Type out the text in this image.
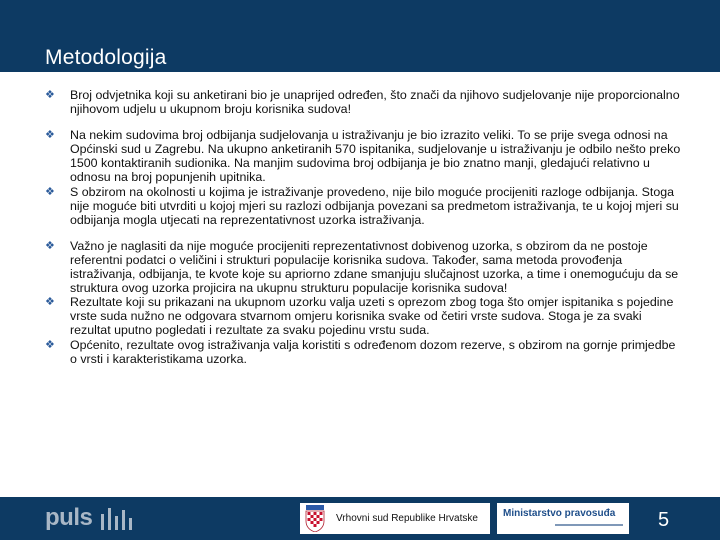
Metodologija
❖ Broj odvjetnika koji su anketirani bio je unaprijed određen, što znači da njihovo sudjelovanje nije proporcionalno njihovom udjelu u ukupnom broju korisnika sudova!
❖ Na nekim sudovima broj odbijanja sudjelovanja u istraživanju je bio izrazito veliki. To se prije svega odnosi na Općinski sud u Zagrebu. Na ukupno anketiranih 570 ispitanika, sudjelovanje u istraživanju je odbilo nešto preko 1500 kontaktiranih sudionika. Na manjim sudovima broj odbijanja je bio znatno manji, gledajući relativno u odnosu na broj popunjenih upitnika.
❖ S obzirom na okolnosti u kojima je istraživanje provedeno, nije bilo moguće procijeniti razloge odbijanja. Stoga nije moguće biti utvrditi u kojoj mjeri su razlozi odbijanja povezani sa predmetom istraživanja, te u kojoj mjeri su odbijanja mogla utjecati na reprezentativnost uzorka istraživanja.
❖ Važno je naglasiti da nije moguće procijeniti reprezentativnost dobivenog uzorka, s obzirom da ne postoje referentni podatci o veličini i strukturi populacije korisnika sudova. Također, sama metoda provođenja istraživanja, odbijanja, te kvote koje su apriorno zdane smanjuju slučajnost uzorka, a time i onemogućuju da se struktura ovog uzorka projicira na ukupnu strukturu populacije korisnika sudova!
❖ Rezultate koji su prikazani na ukupnom uzorku valja uzeti s oprezom zbog toga što omjer ispitanika s pojedine vrste suda nužno ne odgovara stvarnom omjeru korisnika svake od četiri vrste sudova. Stoga je za svaki rezultat uputno pogledati i rezultate za svaku pojedinu vrstu suda.
❖ Općenito, rezultate ovog istraživanja valja koristiti s određenom dozom rezerve, s obzirom na gornje primjedbe o vrsti i karakteristikama uzorka.
puls	Vrhovni sud Republike Hrvatske	Ministarstvo pravosuđa 5
